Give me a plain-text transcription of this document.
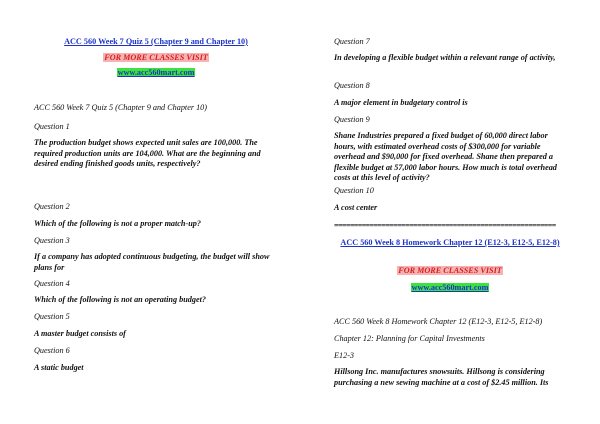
ACC 560 Week 7 Quiz 5 (Chapter 9 and Chapter 10)
FOR MORE CLASSES VISIT
www.acc560mart.com

ACC 560 Week 7 Quiz 5 (Chapter 9 and Chapter 10)

Question 1

The production budget shows expected unit sales are 100,000. The required production units are 104,000. What are the beginning and desired ending finished goods units, respectively?

Question 2

Which of the following is not a proper match-up?

Question 3

If a company has adopted continuous budgeting, the budget will show plans for

Question 4

Which of the following is not an operating budget?

Question 5

A master budget consists of

Question 6

A static budget

Question 7

In developing a flexible budget within a relevant range of activity,

Question 8

A major element in budgetary control is

Question 9

Shane Industries prepared a fixed budget of 60,000 direct labor hours, with estimated overhead costs of $300,000 for variable overhead and $90,000 for fixed overhead. Shane then prepared a flexible budget at 57,000 labor hours. How much is total overhead costs at this level of activity?

Question 10

A cost center

========================================================
ACC 560 Week 8 Homework Chapter 12 (E12-3, E12-5, E12-8)
FOR MORE CLASSES VISIT
www.acc560mart.com

ACC 560 Week 8 Homework Chapter 12 (E12-3, E12-5, E12-8)

Chapter 12: Planning for Capital Investments

E12-3

Hillsong Inc. manufactures snowsuits. Hillsong is considering purchasing a new sewing machine at a cost of $2.45 million. Its
